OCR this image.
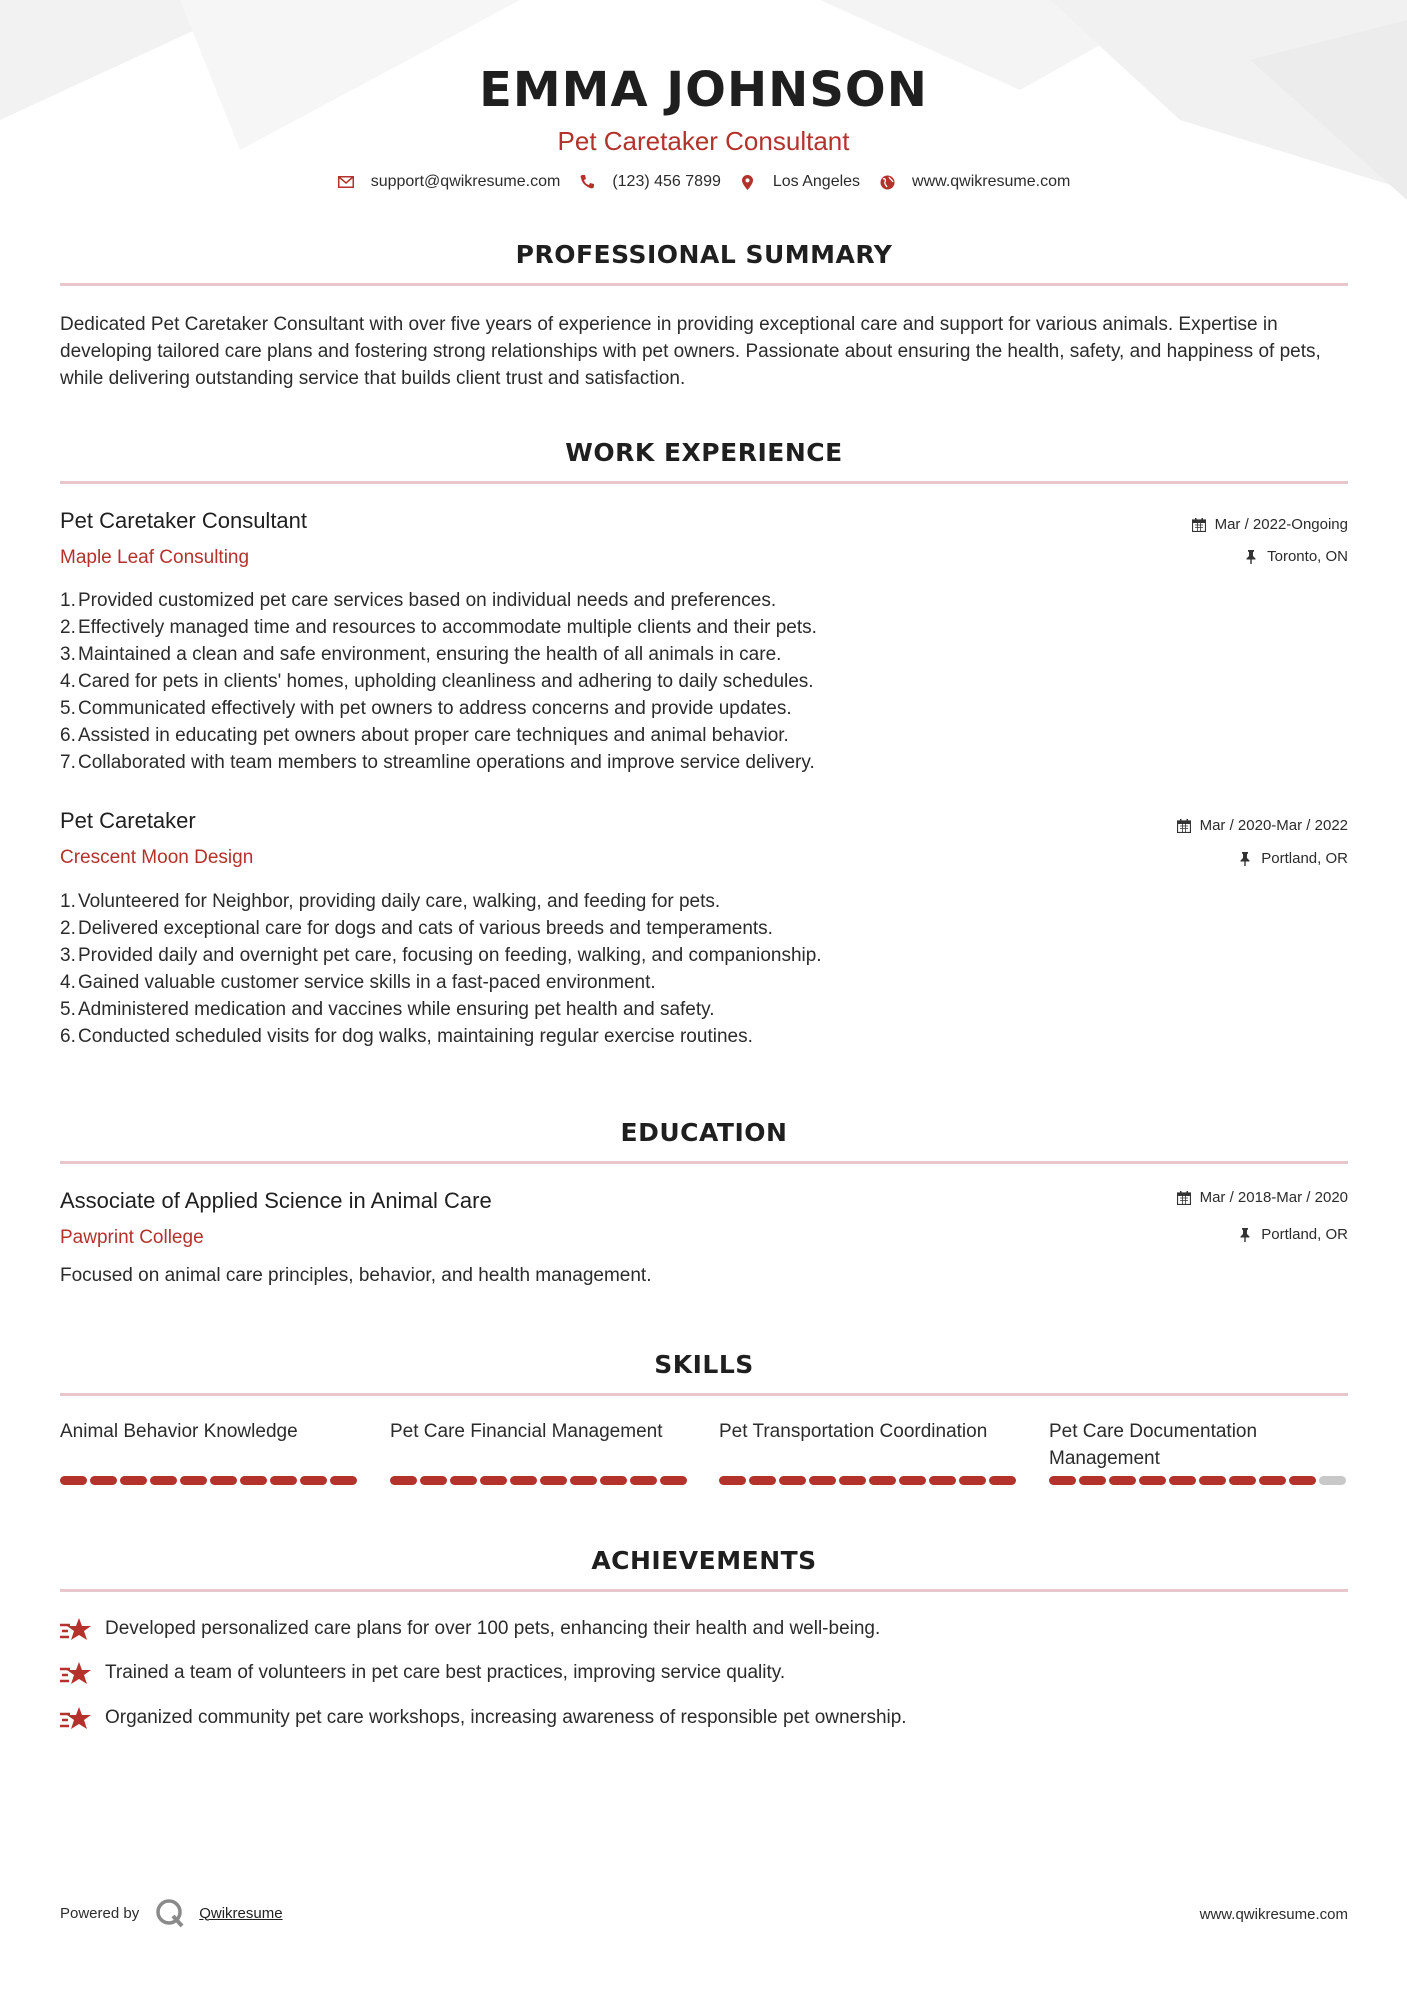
EMMA JOHNSON
Pet Caretaker Consultant
support@qwikresume.com	(123) 456 7899	Los Angeles	www.qwikresume.com
PROFESSIONAL SUMMARY
Dedicated Pet Caretaker Consultant with over five years of experience in providing exceptional care and support for various animals. Expertise in developing tailored care plans and fostering strong relationships with pet owners. Passionate about ensuring the health, safety, and happiness of pets, while delivering outstanding service that builds client trust and satisfaction.
WORK EXPERIENCE
Pet Caretaker Consultant
Maple Leaf Consulting
Mar / 2022-Ongoing
Toronto, ON
1. Provided customized pet care services based on individual needs and preferences.
2. Effectively managed time and resources to accommodate multiple clients and their pets.
3. Maintained a clean and safe environment, ensuring the health of all animals in care.
4. Cared for pets in clients' homes, upholding cleanliness and adhering to daily schedules.
5. Communicated effectively with pet owners to address concerns and provide updates.
6. Assisted in educating pet owners about proper care techniques and animal behavior.
7. Collaborated with team members to streamline operations and improve service delivery.
Pet Caretaker
Crescent Moon Design
Mar / 2020-Mar / 2022
Portland, OR
1. Volunteered for Neighbor, providing daily care, walking, and feeding for pets.
2. Delivered exceptional care for dogs and cats of various breeds and temperaments.
3. Provided daily and overnight pet care, focusing on feeding, walking, and companionship.
4. Gained valuable customer service skills in a fast-paced environment.
5. Administered medication and vaccines while ensuring pet health and safety.
6. Conducted scheduled visits for dog walks, maintaining regular exercise routines.
EDUCATION
Associate of Applied Science in Animal Care
Pawprint College
Mar / 2018-Mar / 2020
Portland, OR
Focused on animal care principles, behavior, and health management.
SKILLS
Animal Behavior Knowledge	Pet Care Financial Management	Pet Transportation Coordination	Pet Care Documentation Management
ACHIEVEMENTS
Developed personalized care plans for over 100 pets, enhancing their health and well-being.
Trained a team of volunteers in pet care best practices, improving service quality.
Organized community pet care workshops, increasing awareness of responsible pet ownership.
Powered by	Qwikresume	www.qwikresume.com
